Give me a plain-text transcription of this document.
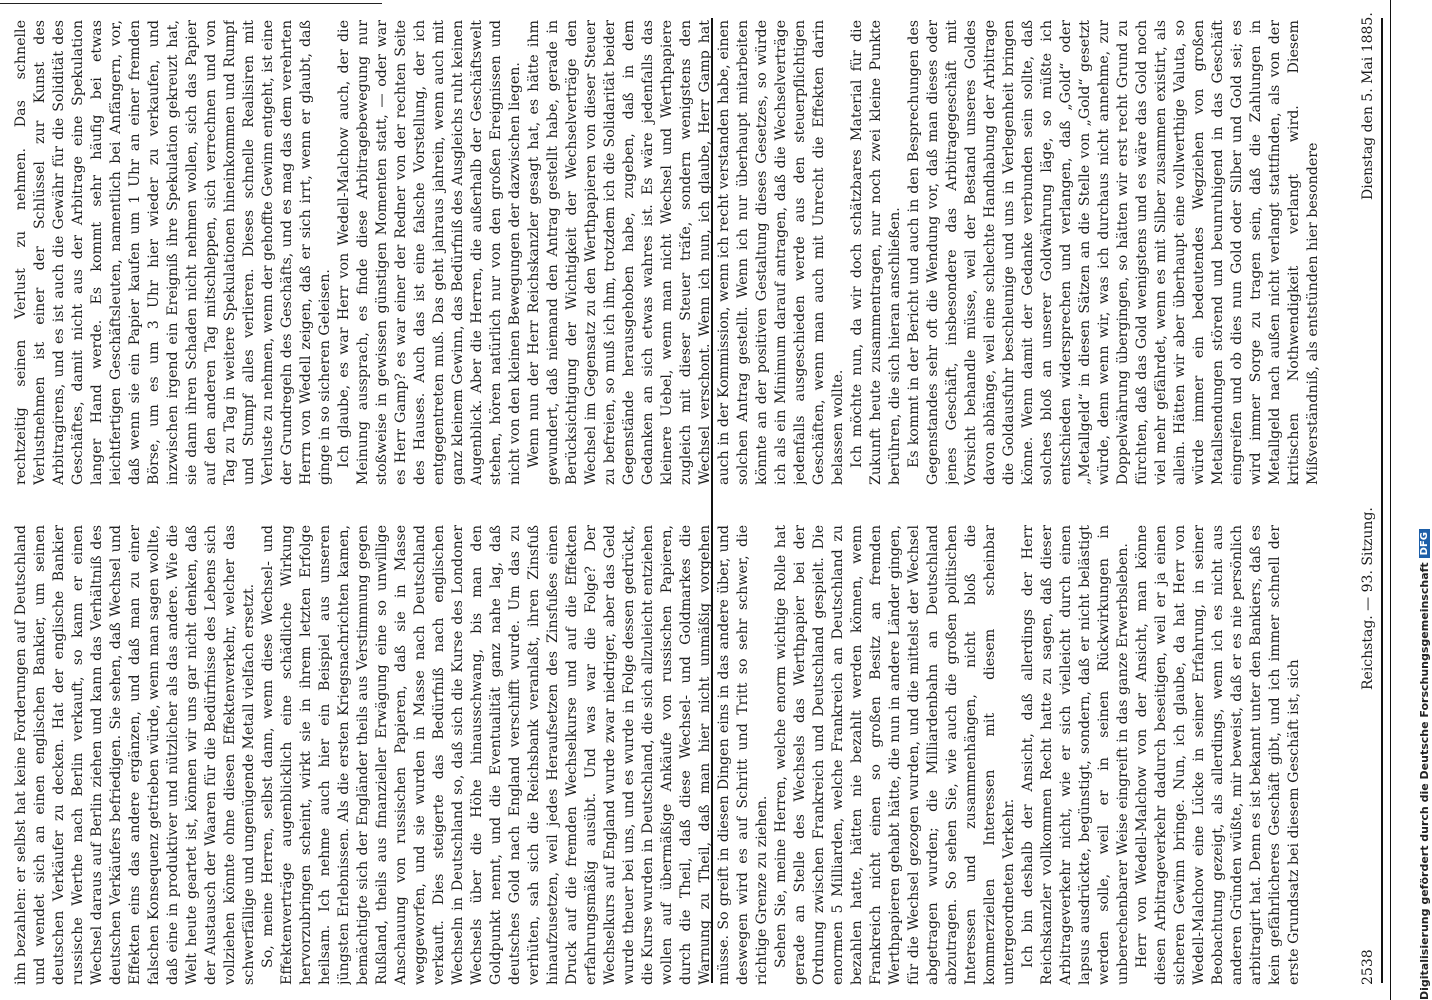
2538
Reichstag. — 93. Sitzung.
Dienstag den 5. Mai 1885.

ihn bezahlen: er selbst hat keine Forderungen auf Deutschland und wendet sich an einen englischen Bankier, um seinen deutschen Verkäufer zu decken. Hat der englische Bankier russische Werthe nach Berlin verkauft, so kann er einen Wechsel daraus auf Berlin ziehen und kann das Verhältniß des deutschen Verkäufers befriedigen. Sie sehen, daß Wechsel und Effekten eins das andere ergänzen, und daß man zu einer falschen Konsequenz getrieben würde, wenn man sagen wollte, daß eine in produktiver und nützlicher als das andere. Wie die Welt heute geartet ist, können wir uns gar nicht denken, daß der Austausch der Waaren für die Bedürfnisse des Lebens sich vollziehen könnte ohne diesen Effektenverkehr, welcher das schwerfällige und ungenügende Metall vielfach ersetzt. So, meine Herren, selbst dann, wenn diese Wechsel- und Effektenverträge augenblicklich eine schädliche Wirkung hervorzubringen scheint, wirkt sie in ihrem letzten Erfolge heilsam. Ich nehme auch hier ein Beispiel aus unseren jüngsten Erlebnissen. Als die ersten Kriegsnachrichten kamen, bemächtigte sich der Engländer theils aus Verstimmung gegen Rußland, theils aus finanzieller Erwägung eine so unwillige Anschauung von russischen Papieren, daß sie in Masse weggeworfen, und sie wurden in Masse nach Deutschland verkauft. Dies steigerte das Bedürfniß nach englischen Wechseln in Deutschland so, daß sich die Kurse des Londoner Wechsels über die Höhe hinausschwang, bis man den Goldpunkt nennt, und die Eventualität ganz nahe lag, daß deutsches Gold nach England verschifft wurde. Um das zu verhüten, sah sich die Reichsbank veranlaßt, ihren Zinsfuß hinaufzusetzen, weil jedes Heraufsetzen des Zinsfußes einen Druck auf die fremden Wechselkurse und auf die Effekten erfahrungsmäßig ausübt. Und was war die Folge? Der Wechselkurs auf England wurde zwar niedriger, aber das Geld wurde theuer bei uns, und es wurde in Folge dessen gedrückt, die Kurse wurden in Deutschland, die sich allzuleicht entziehen wollen auf übermäßige Ankäufe von russischen Papieren, durch die Theil, daß diese Wechsel- und Goldmarkes die Warnung zu Theil, daß man hier nicht unmäßig vorgehen müsse. So greift in diesen Dingen eins in das andere über, und deswegen wird es auf Schritt und Tritt so sehr schwer, die richtige Grenze zu ziehen. Sehen Sie, meine Herren, welche enorm wichtige Rolle hat gerade an Stelle des Wechsels das Werthpapier bei der Ordnung zwischen Frankreich und Deutschland gespielt. Die enormen 5 Milliarden, welche Frankreich an Deutschland zu bezahlen hatte, hätten nie bezahlt werden können, wenn Frankreich nicht einen so großen Besitz an fremden Werthpapieren gehabt hätte, die nun in andere Länder gingen, für die Wechsel gezogen wurden, und die mittelst der Wechsel abgetragen wurden; die Milliardenbahn an Deutschland abzutragen. So sehen Sie, wie auch die großen politischen Interessen und zusammenhängen, nicht bloß die kommerziellen Interessen mit diesem scheinbar untergeordneten Verkehr. Ich bin deshalb der Ansicht, daß allerdings der Herr Reichskanzler vollkommen Recht hatte zu sagen, daß dieser Arbitrageverkehr nicht, wie er sich vielleicht durch einen lapsus ausdrückte, begünstigt, sondern, daß er nicht belästigt werden solle, weil er in seinen Rückwirkungen in unberechenbarer Weise eingreift in das ganze Erwerbsleben. Herr von Wedell-Malchow von der Ansicht, man könne diesen Arbitrageverkehr dadurch beseitigen, weil er ja einen sicheren Gewinn bringe. Nun, ich glaube, da hat Herr von Wedell-Malchow eine Lücke in seiner Erfahrung, in seiner Beobachtung gezeigt, als allerdings, wenn ich es nicht aus anderen Gründen wüßte, mir beweist, daß er es nie persönlich arbitragirt hat. Denn es ist bekannt unter den Bankiers, daß es kein gefährlicheres Geschäft gibt, und ich immer schnell der erste Grundsatz bei diesem Geschäft ist, sich

rechtzeitig seinen Verlust zu nehmen. Das schnelle Verlustnehmen ist einer der Schlüssel zur Kunst des Arbitragirens, und es ist auch die Gewähr für die Solidität des Geschäftes, damit nicht aus der Arbitrage eine Spekulation langer Hand werde. Es kommt sehr häufig bei etwas leichtfertigen Geschäftsleuten, namentlich bei Anfängern, vor, daß wenn sie ein Papier kaufen um 1 Uhr an einer fremden Börse, um es um 3 Uhr hier wieder zu verkaufen, und inzwischen irgend ein Ereigniß ihre Spekulation gekreuzt hat, sie dann ihren Schaden nicht nehmen wollen, sich das Papier auf den anderen Tag mitschleppen, sich verrechnen und von Tag zu Tag in weitere Spekulationen hineinkommen und Rumpf und Stumpf alles verlieren. Dieses schnelle Realisiren mit Verluste zu nehmen, wenn der gehoffte Gewinn entgeht, ist eine der Grundregeln des Geschäfts, und es mag das dem verehrten Herrn von Wedell zeigen, daß er sich irrt, wenn er glaubt, daß ginge in so sicheren Geleisen. Ich glaube, es war Herr von Wedell-Malchow auch, der die Meinung aussprach, es finde diese Arbitragebewegung nur stoßweise in gewissen günstigen Momenten statt, — oder war es Herr Gamp? es war einer der Redner von der rechten Seite des Hauses. Auch das ist eine falsche Vorstellung, der ich entgegentreten muß. Das geht jahraus jahrein, wenn auch mit ganz kleinem Gewinn, das Bedürfniß des Ausgleichs ruht keinen Augenblick. Aber die Herren, die außerhalb der Geschäftswelt stehen, hören natürlich nur von den großen Ereignissen und nicht von den kleinen Bewegungen der dazwischen liegen. Wenn nun der Herr Reichskanzler gesagt hat, es hätte ihm gewundert, daß niemand den Antrag gestellt habe, gerade in Berücksichtigung der Wichtigkeit der Wechselverträge den Wechsel im Gegensatz zu den Werthpapieren von dieser Steuer zu befreien, so muß ich ihm, trotzdem ich die Solidarität beider Gegenstände herausgehoben habe, zugeben, daß in dem Gedanken an sich etwas wahres ist. Es wäre jedenfalls das kleinere Uebel, wenn man nicht Wechsel und Werthpapiere zugleich mit dieser Steuer träfe, sondern wenigstens den Wechsel verschont. Wenn ich nun, ich glaube, Herr Gamp hat auch in der Kommission, wenn ich recht verstanden habe, einen solchen Antrag gestellt. Wenn ich nur überhaupt mitarbeiten könnte an der positiven Gestaltung dieses Gesetzes, so würde ich als ein Minimum darauf antragen, daß die Wechselverträge jedenfalls ausgeschieden werde aus den steuerpflichtigen Geschäften, wenn man auch mit Unrecht die Effekten darin belassen wollte. Ich möchte nun, da wir doch schätzbares Material für die Zukunft heute zusammentragen, nur noch zwei kleine Punkte berühren, die sich hieran anschließen. Es kommt in der Bericht und auch in den Besprechungen des Gegenstandes sehr oft die Wendung vor, daß man dieses oder jenes Geschäft, insbesondere das Arbitragegeschäft mit Vorsicht behandle müsse, weil der Bestand unseres Goldes davon abhänge, weil eine schlechte Handhabung der Arbitrage die Goldausfuhr beschleunige und uns in Verlegenheit bringen könne. Wenn damit der Gedanke verbunden sein sollte, daß solches bloß an unserer Goldwährung läge, so müßte ich entschieden widersprechen und verlangen, daß „Gold“ oder „Metallgeld“ in diesen Sätzen an die Stelle von „Gold“ gesetzt würde, denn wenn wir, was ich durchaus nicht annehme, zur Doppelwährung übergingen, so hätten wir erst recht Grund zu fürchten, daß das Gold wenigstens und es wäre das Gold noch viel mehr gefährdet, wenn es mit Silber zusammen existirt, als allein. Hätten wir aber überhaupt eine vollwerthige Valuta, so würde immer ein bedeutendes Wegziehen von großen Metallsendungen störend und beunruhigend in das Geschäft eingreifen und ob dies nun Gold oder Silber und Gold sei; es wird immer Sorge zu tragen sein, daß die Zahlungen in Metallgeld nach außen nicht verlangt stattfinden, als von der kritischen Nothwendigkeit verlangt wird. Diesem Mißverständniß, als entstünden hier besondere

Digitalisierung gefördert durch die Deutsche Forschungsgemeinschaft
DFG
